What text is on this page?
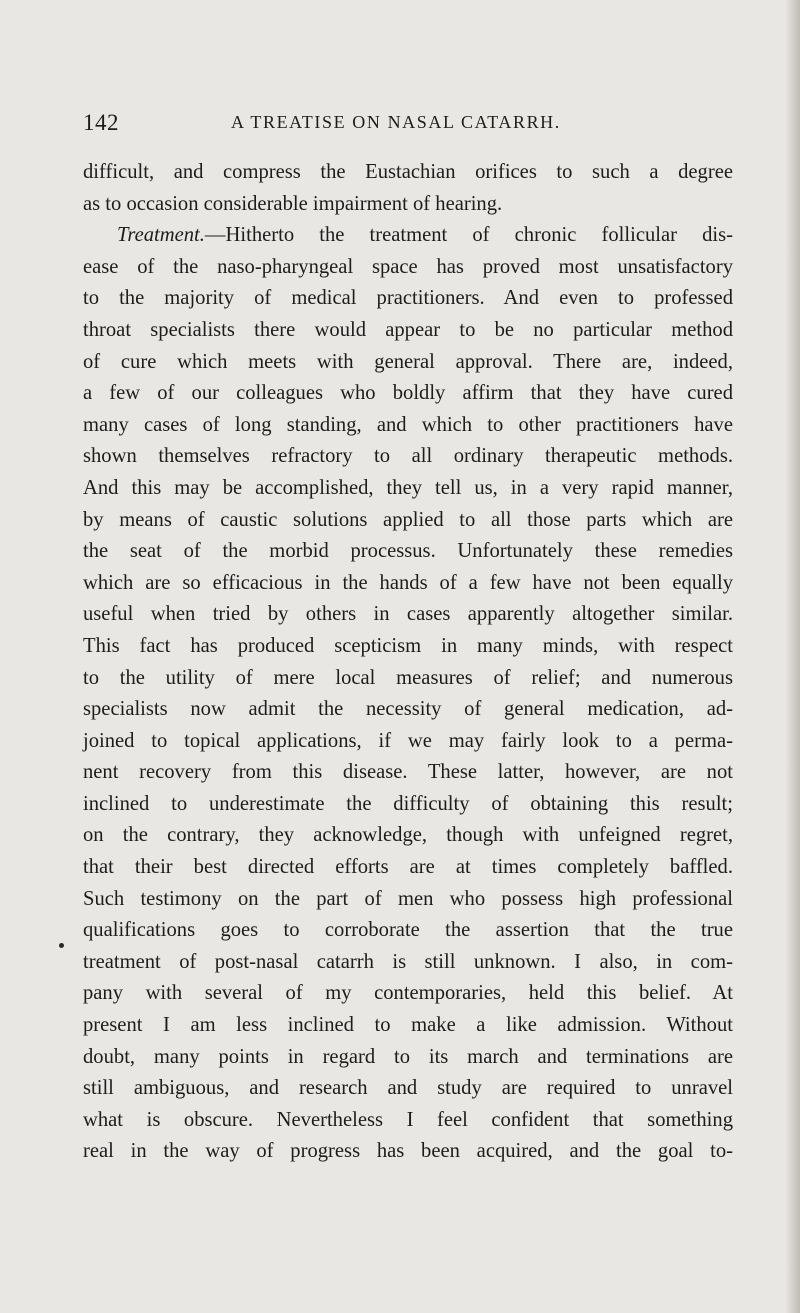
142	A TREATISE ON NASAL CATARRH.
difficult, and compress the Eustachian orifices to such a degree
as to occasion considerable impairment of hearing.
Treatment.—Hitherto the treatment of chronic follicular dis-
ease of the naso-pharyngeal space has proved most unsatisfactory
to the majority of medical practitioners. And even to professed
throat specialists there would appear to be no particular method
of cure which meets with general approval. There are, indeed,
a few of our colleagues who boldly affirm that they have cured
many cases of long standing, and which to other practitioners have
shown themselves refractory to all ordinary therapeutic methods.
And this may be accomplished, they tell us, in a very rapid manner,
by means of caustic solutions applied to all those parts which are
the seat of the morbid processus. Unfortunately these remedies
which are so efficacious in the hands of a few have not been equally
useful when tried by others in cases apparently altogether similar.
This fact has produced scepticism in many minds, with respect
to the utility of mere local measures of relief; and numerous
specialists now admit the necessity of general medication, ad-
joined to topical applications, if we may fairly look to a perma-
nent recovery from this disease. These latter, however, are not
inclined to underestimate the difficulty of obtaining this result;
on the contrary, they acknowledge, though with unfeigned regret,
that their best directed efforts are at times completely baffled.
Such testimony on the part of men who possess high professional
qualifications goes to corroborate the assertion that the true
treatment of post-nasal catarrh is still unknown. I also, in com-
pany with several of my contemporaries, held this belief. At
present I am less inclined to make a like admission. Without
doubt, many points in regard to its march and terminations are
still ambiguous, and research and study are required to unravel
what is obscure. Nevertheless I feel confident that something
real in the way of progress has been acquired, and the goal to-
